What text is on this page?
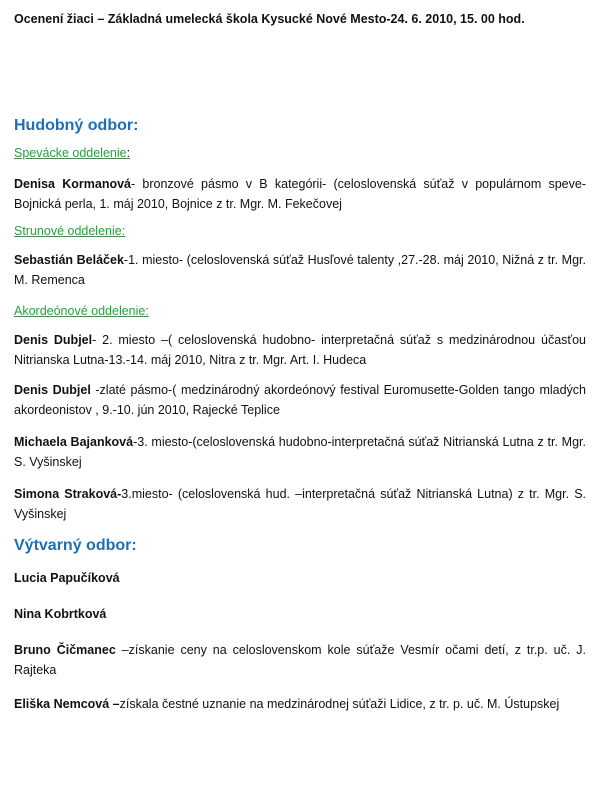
Ocenení žiaci – Základná umelecká škola Kysucké Nové Mesto-24. 6. 2010, 15. 00 hod.

Hudobný odbor:

Spevácke oddelenie:

Denisa Kormanová- bronzové pásmo v B kategórii- (celoslovenská súťaž v populárnom speve- Bojnická perla, 1. máj 2010, Bojnice z tr. Mgr. M. Fekečovej

Strunové oddelenie:

Sebastián Beláček-1. miesto- (celoslovenská súťaž Husľové talenty ,27.-28. máj 2010, Nižná z tr. Mgr. M. Remenca

Akordeónové oddelenie:

Denis Dubjel- 2. miesto –( celoslovenská hudobno- interpretačná súťaž s medzinárodnou účasťou Nitrianska Lutna-13.-14. máj 2010, Nitra z tr. Mgr. Art. I. Hudeca

Denis Dubjel -zlaté pásmo-( medzinárodný akordeónový festival Euromusette-Golden tango mladých akordeonistov , 9.-10. jún 2010, Rajecké Teplice

Michaela Bajanková-3. miesto-(celoslovenská hudobno-interpretačná súťaž Nitrianská Lutna z tr. Mgr. S. Vyšinskej

Simona Straková-3.miesto- (celoslovenská hud. –interpretačná súťaž Nitrianská Lutna) z tr. Mgr. S. Vyšinskej

Výtvarný odbor:

Lucia Papučíková

Nina Kobrtková

Bruno Čičmanec –získanie ceny na celoslovenskom kole súťaže Vesmír očami detí, z tr.p. uč. J. Rajteka

Eliška Nemcová –získala čestné uznanie na medzinárodnej súťaži Lidice, z tr. p. uč. M. Ústupskej
